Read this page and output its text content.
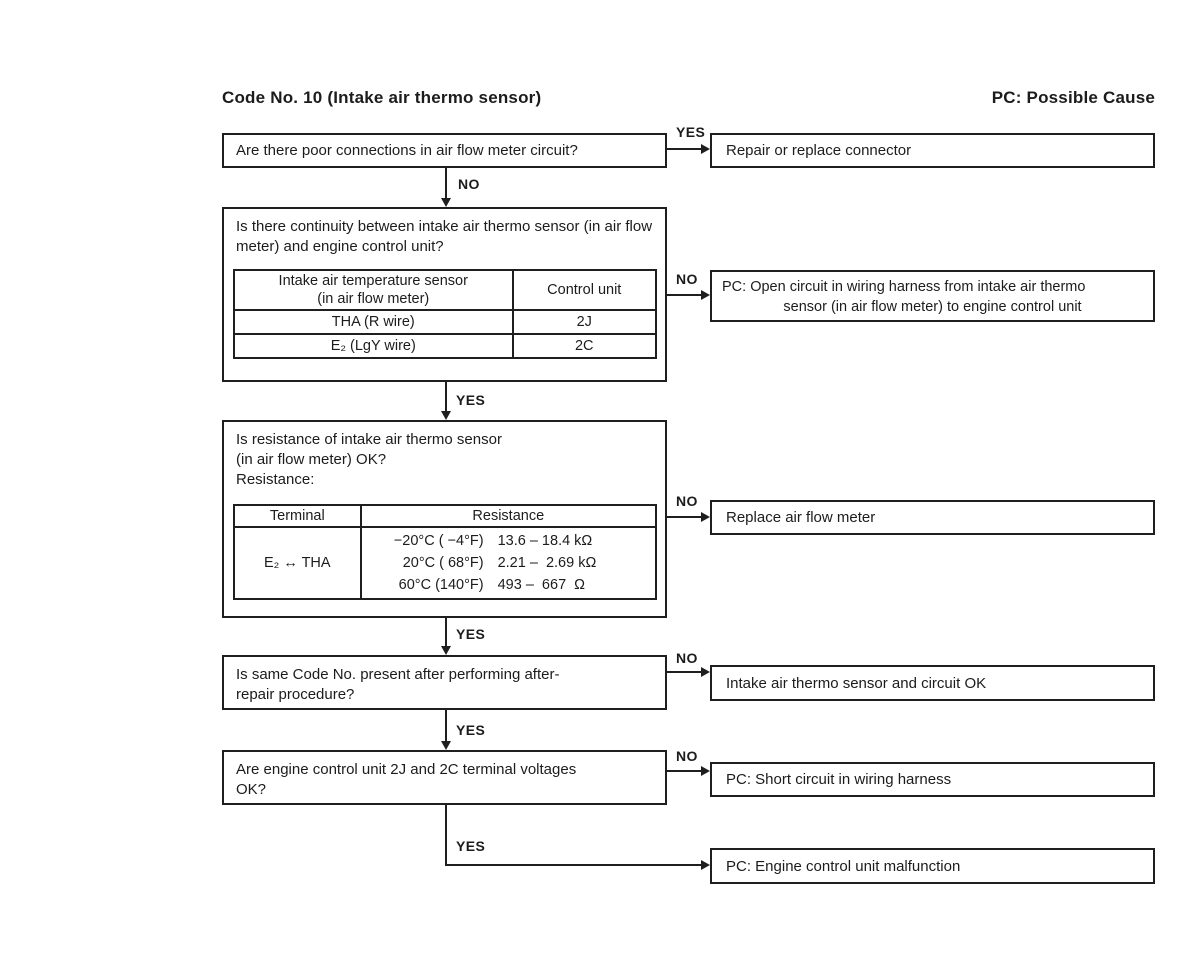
Code No. 10 (Intake air thermo sensor)	PC: Possible Cause
Are there poor connections in air flow meter circuit?
YES
Repair or replace connector
NO
Is there continuity between intake air thermo sensor (in air flow meter) and engine control unit?
Intake air temperature sensor
(in air flow meter)	Control unit
THA (R wire)	2J
E₂ (LgY wire)	2C
NO PC: Open circuit in wiring harness from intake air thermo
sensor (in air flow meter) to engine control unit
YES
Is resistance of intake air thermo sensor
(in air flow meter) OK?
Resistance:
Terminal	Resistance
E₂ ↔ THA	
−20°C ( −4°F) 13.6 – 18.4 kΩ
20°C ( 68°F) 2.21 –  2.69 kΩ
60°C (140°F) 493 –  667  Ω
NO
Replace air flow meter
YES
Is same Code No. present after performing after-
repair procedure?
NO
Intake air thermo sensor and circuit OK
YES
Are engine control unit 2J and 2C terminal voltages
OK?
NO
PC: Short circuit in wiring harness
YES
PC: Engine control unit malfunction
